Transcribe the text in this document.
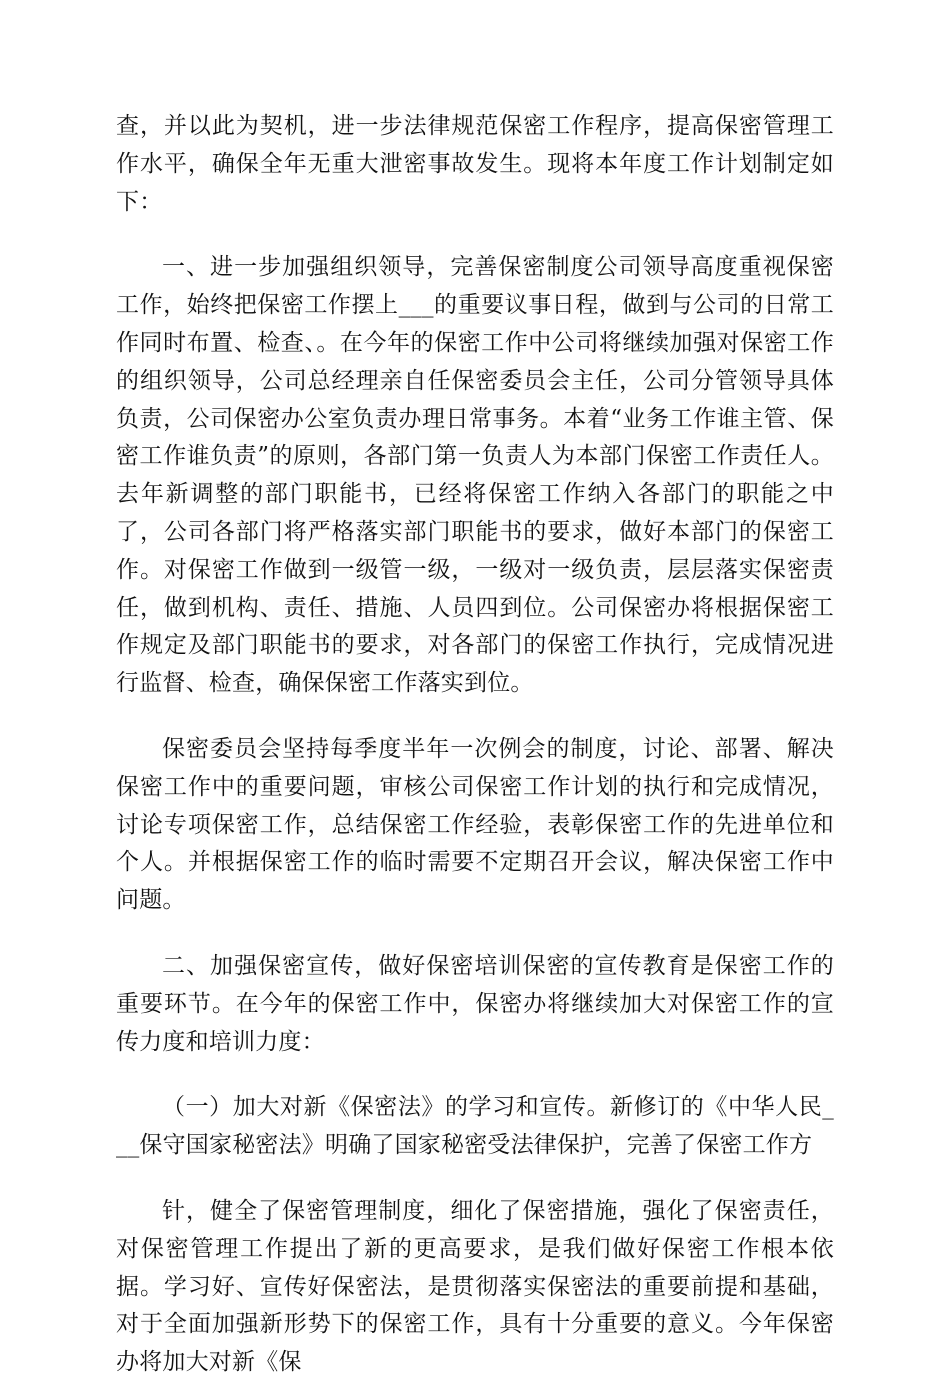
查，并以此为契机，进一步法律规范保密工作程序，提高保密管理工作水平，确保全年无重大泄密事故发生。现将本年度工作计划制定如下：

一、进一步加强组织领导，完善保密制度公司领导高度重视保密工作，始终把保密工作摆上___的重要议事日程，做到与公司的日常工作同时布置、检查、。在今年的保密工作中公司将继续加强对保密工作的组织领导，公司总经理亲自任保密委员会主任，公司分管领导具体负责，公司保密办公室负责办理日常事务。本着“业务工作谁主管、保密工作谁负责”的原则，各部门第一负责人为本部门保密工作责任人。去年新调整的部门职能书，已经将保密工作纳入各部门的职能之中了，公司各部门将严格落实部门职能书的要求，做好本部门的保密工作。对保密工作做到一级管一级，一级对一级负责，层层落实保密责任，做到机构、责任、措施、人员四到位。公司保密办将根据保密工作规定及部门职能书的要求，对各部门的保密工作执行，完成情况进行监督、检查，确保保密工作落实到位。

保密委员会坚持每季度半年一次例会的制度，讨论、部署、解决保密工作中的重要问题，审核公司保密工作计划的执行和完成情况，讨论专项保密工作，总结保密工作经验，表彰保密工作的先进单位和个人。并根据保密工作的临时需要不定期召开会议，解决保密工作中问题。

二、加强保密宣传，做好保密培训保密的宣传教育是保密工作的重要环节。在今年的保密工作中，保密办将继续加大对保密工作的宣传力度和培训力度：

（一）加大对新《保密法》的学习和宣传。新修订的《中华人民___保守国家秘密法》明确了国家秘密受法律保护，完善了保密工作方

针，健全了保密管理制度，细化了保密措施，强化了保密责任，对保密管理工作提出了新的更高要求，是我们做好保密工作根本依据。学习好、宣传好保密法，是贯彻落实保密法的重要前提和基础，对于全面加强新形势下的保密工作，具有十分重要的意义。今年保密办将加大对新《保
